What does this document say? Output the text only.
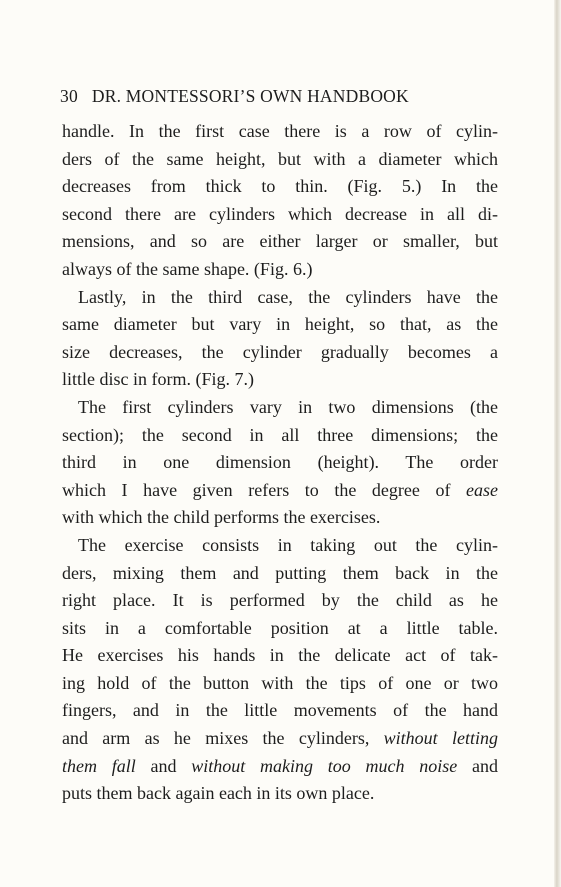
30 DR. MONTESSORI’S OWN HANDBOOK
handle. In the first case there is a row of cylin-
ders of the same height, but with a diameter which
decreases from thick to thin. (Fig. 5.) In the
second there are cylinders which decrease in all di-
mensions, and so are either larger or smaller, but
always of the same shape. (Fig. 6.)
Lastly, in the third case, the cylinders have the
same diameter but vary in height, so that, as the
size decreases, the cylinder gradually becomes a
little disc in form. (Fig. 7.)
The first cylinders vary in two dimensions (the
section); the second in all three dimensions; the
third in one dimension (height). The order
which I have given refers to the degree of ease
with which the child performs the exercises.
The exercise consists in taking out the cylin-
ders, mixing them and putting them back in the
right place. It is performed by the child as he
sits in a comfortable position at a little table.
He exercises his hands in the delicate act of tak-
ing hold of the button with the tips of one or two
fingers, and in the little movements of the hand
and arm as he mixes the cylinders, without letting
them fall and without making too much noise and
puts them back again each in its own place.
